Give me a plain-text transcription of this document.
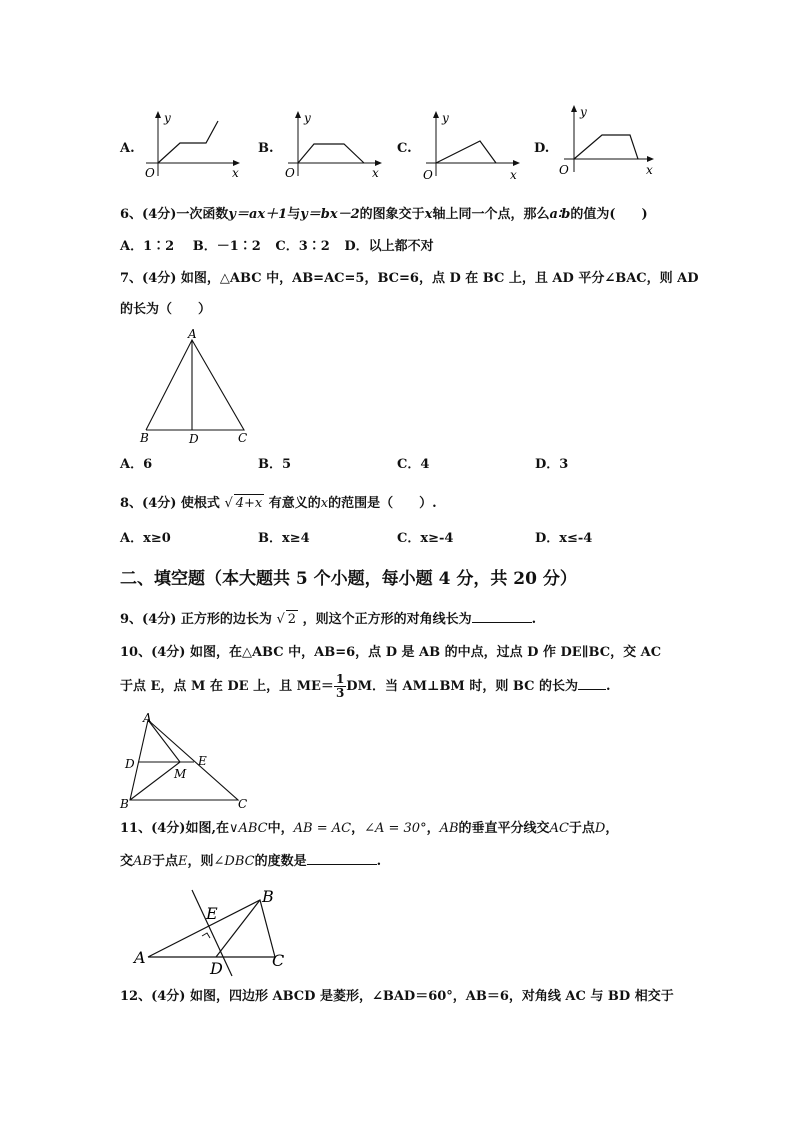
A.
y
x
O
B.
y
x
O
C.
y
x
O
D.
y
x
O
6、(4分)一次函数y＝ax＋1与y＝bx－2的图象交于x轴上同一个点，那么a∶b的值为(　　)
A．1∶2 B．－1∶2 C．3∶2 D．以上都不对
7、(4分) 如图，△ABC 中，AB=AC=5，BC=6，点 D 在 BC 上，且 AD 平分∠BAC，则 AD
的长为（　　）
A
B	D	C
A．6	B．5	C．4	D．3
8、(4分) 使根式 √ 4+x 有意义的x的范围是（　　）.
A．x≥0	B．x≥4	C．x≥-4	D．x≤-4
二、填空题（本大题共 5 个小题，每小题 4 分，共 20 分）
9、(4分) 正方形的边长为 √ 2 ，则这个正方形的对角线长为	.
10、(4分) 如图，在△ABC 中，AB=6，点 D 是 AB 的中点，过点 D 作 DE∥BC，交 AC
于点 E，点 M 在 DE 上，且 $ME= \frac{1}{3}$ DM．当 AM⊥BM 时，则 BC 的长为 .
A
D
M
E
B	C
11、(4分)如图,在∨ABC中，AB = AC，∠A = 30°，AB的垂直平分线交AC于点D，
交AB于点E，则∠DBC的度数是	.
A
B
C
E
D
12、(4分) 如图，四边形 ABCD 是菱形，∠BAD＝60°，AB＝6，对角线 AC 与 BD 相交于
